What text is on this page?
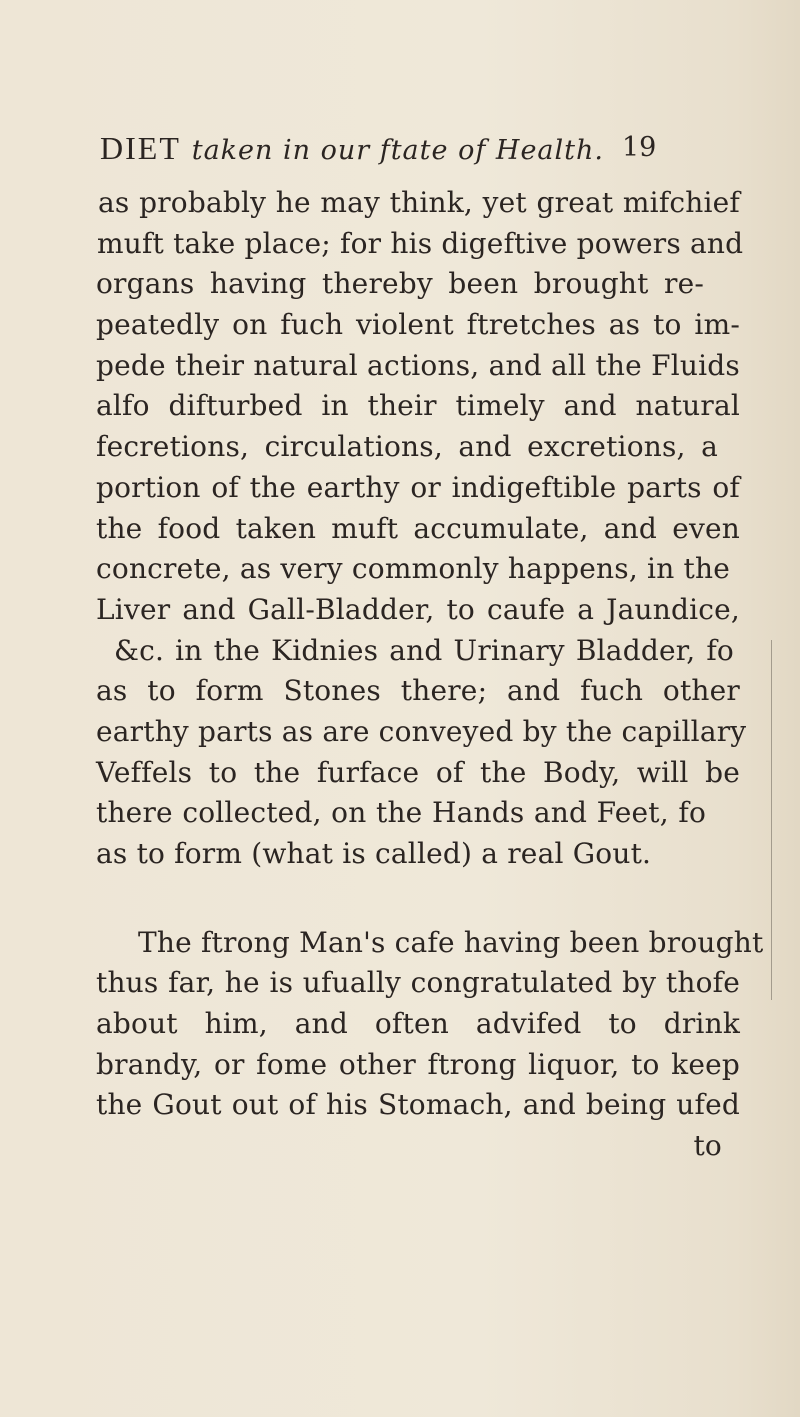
DIET taken in our ftate of Health. 19
as probably he may think, yet great mifchief
muft take place; for his digeftive powers and
organs having thereby been brought re-
peatedly on fuch violent ftretches as to im-
pede their natural actions, and all the Fluids
alfo difturbed in their timely and natural
fecretions, circulations, and excretions, a
portion of the earthy or indigeftible parts of
the food taken muft accumulate, and even
concrete, as very commonly happens, in the
Liver and Gall-Bladder, to caufe a Jaundice,
&c. in the Kidnies and Urinary Bladder, fo
as to form Stones there; and fuch other
earthy parts as are conveyed by the capillary
Veffels to the furface of the Body, will be
there collected, on the Hands and Feet, fo
as to form (what is called) a real Gout.
The ftrong Man's cafe having been brought
thus far, he is ufually congratulated by thofe
about him, and often advifed to drink
brandy, or fome other ftrong liquor, to keep
the Gout out of his Stomach, and being ufed
to
